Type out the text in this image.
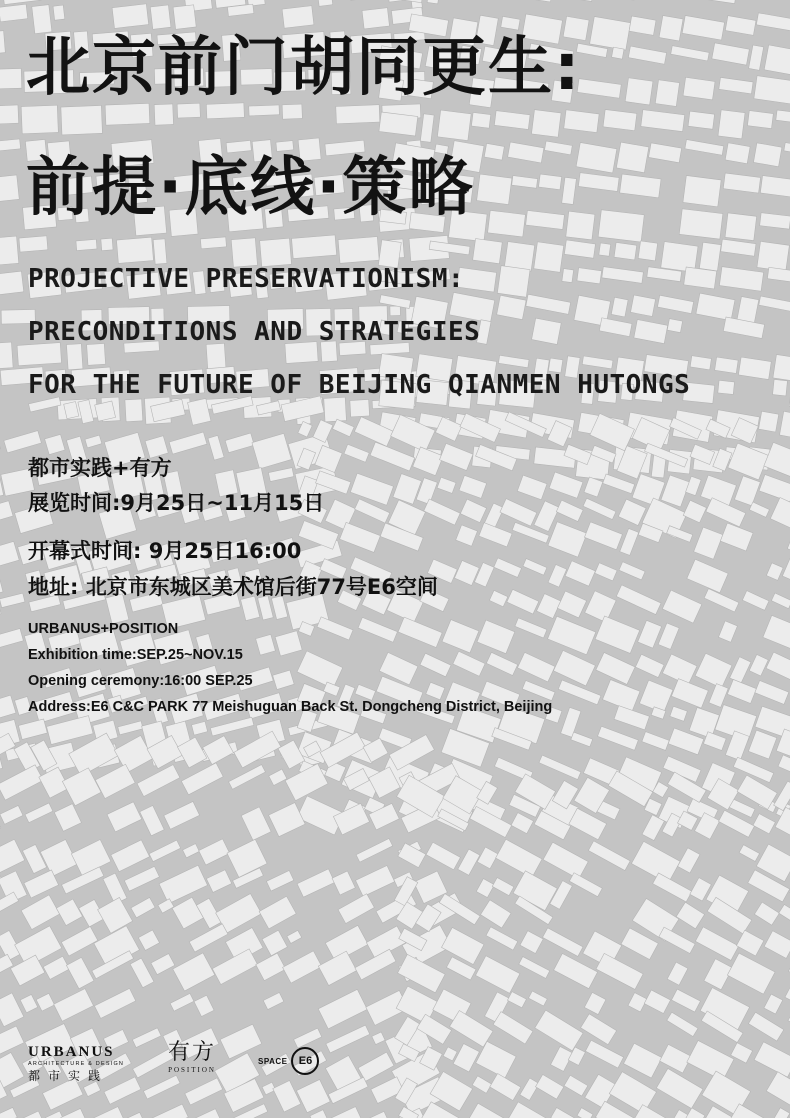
北京前门胡同更生:
前提·底线·策略
PROJECTIVE PRESERVATIONISM:
PRECONDITIONS AND STRATEGIES
FOR THE FUTURE OF BEIJING QIANMEN HUTONGS

都市实践+有方

展览时间:9月25日~11月15日

开幕式时间: 9月25日16:00

地址: 北京市东城区美术馆后街77号E6空间

URBANUS+POSITION

Exhibition time:SEP.25~NOV.15

Opening ceremony:16:00 SEP.25

Address:E6 C&C PARK 77 Meishuguan Back St. Dongcheng District, Beijing

URBANUS
ARCHITECTURE & DESIGN
都市实践
有方
POSITION
SPACE	E6
